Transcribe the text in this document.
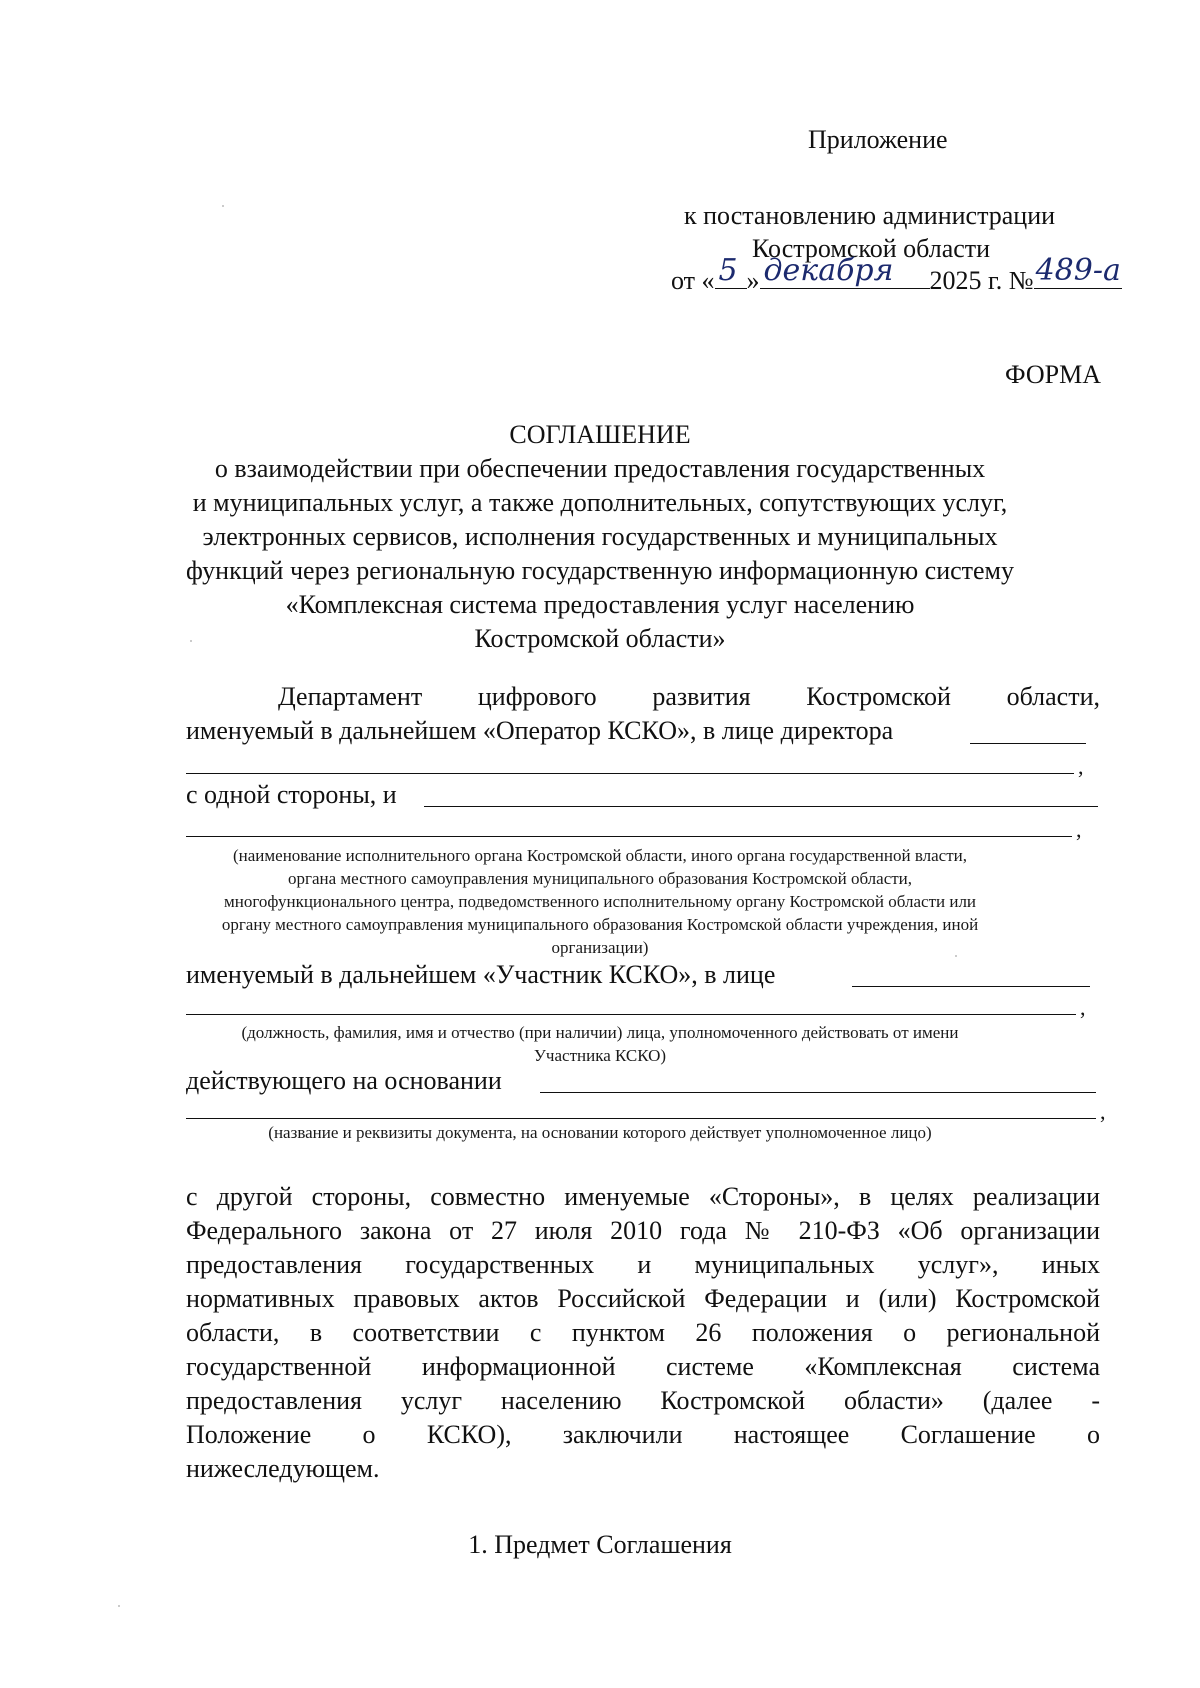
Приложение
к постановлению администрации
Костромской области
от « 5 » декабря 2025 г. № 489-а
ФОРМА
СОГЛАШЕНИЕ
о взаимодействии при обеспечении предоставления государственных
и муниципальных услуг, а также дополнительных, сопутствующих услуг,
электронных сервисов, исполнения государственных и муниципальных
функций через региональную государственную информационную систему
«Комплексная система предоставления услуг населению
Костромской области»
Департамент цифрового развития Костромской области,
именуемый в дальнейшем «Оператор КСКО», в лице директора
,
с одной стороны, и
,
(наименование исполнительного органа Костромской области, иного органа государственной власти,
органа местного самоуправления муниципального образования Костромской области,
многофункционального центра, подведомственного исполнительному органу Костромской области или
органу местного самоуправления муниципального образования Костромской области учреждения, иной
организации)
именуемый в дальнейшем «Участник КСКО», в лице
,
(должность, фамилия, имя и отчество (при наличии) лица, уполномоченного действовать от имени
Участника КСКО)
действующего на основании
,
(название и реквизиты документа, на основании которого действует уполномоченное лицо)
с другой стороны, совместно именуемые «Стороны», в целях реализации
Федерального закона от 27 июля 2010 года № 210-ФЗ «Об организации
предоставления государственных и муниципальных услуг», иных
нормативных правовых актов Российской Федерации и (или) Костромской
области, в соответствии с пунктом 26 положения о региональной
государственной информационной системе «Комплексная система
предоставления услуг населению Костромской области» (далее -
Положение о КСКО), заключили настоящее Соглашение о
нижеследующем.
1. Предмет Соглашения
